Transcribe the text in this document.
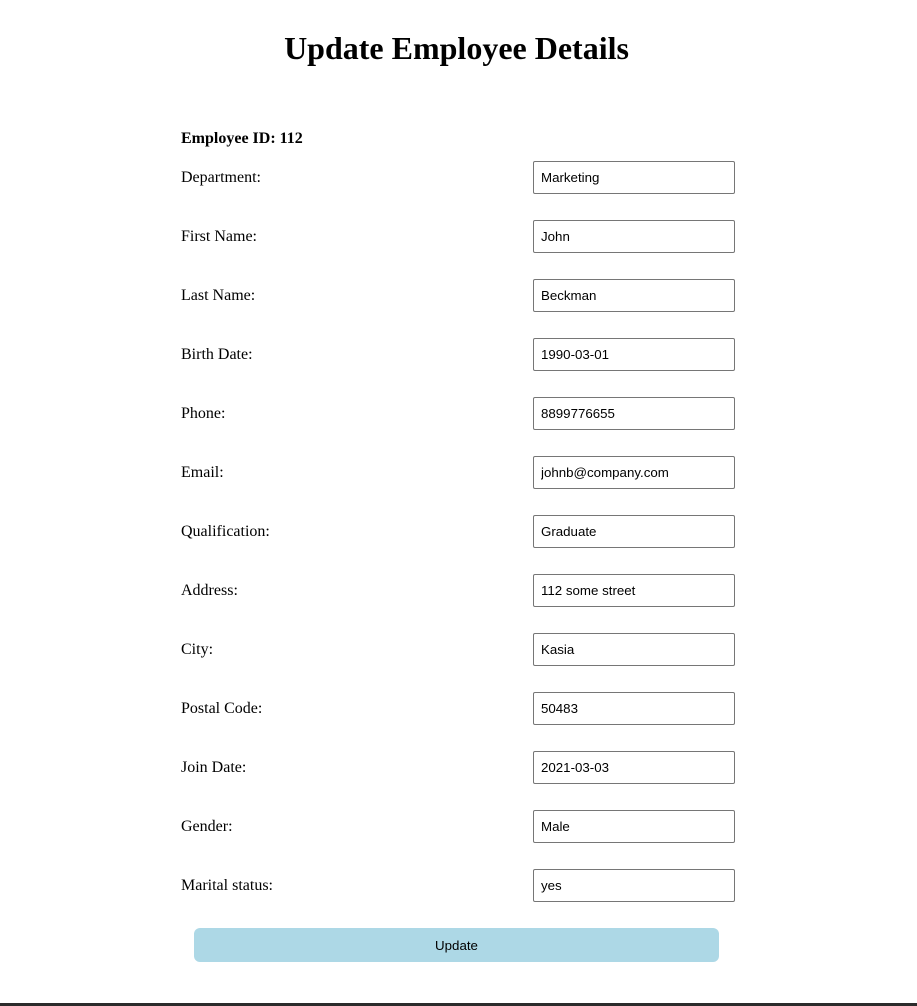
Update Employee Details
Employee ID: 112
Department:
Marketing
First Name:
John
Last Name:
Beckman
Birth Date:
1990-03-01
Phone:
8899776655
Email:
johnb@company.com
Qualification:
Graduate
Address:
112 some street
City:
Kasia
Postal Code:
50483
Join Date:
2021-03-03
Gender:
Male
Marital status:
yes
Update
